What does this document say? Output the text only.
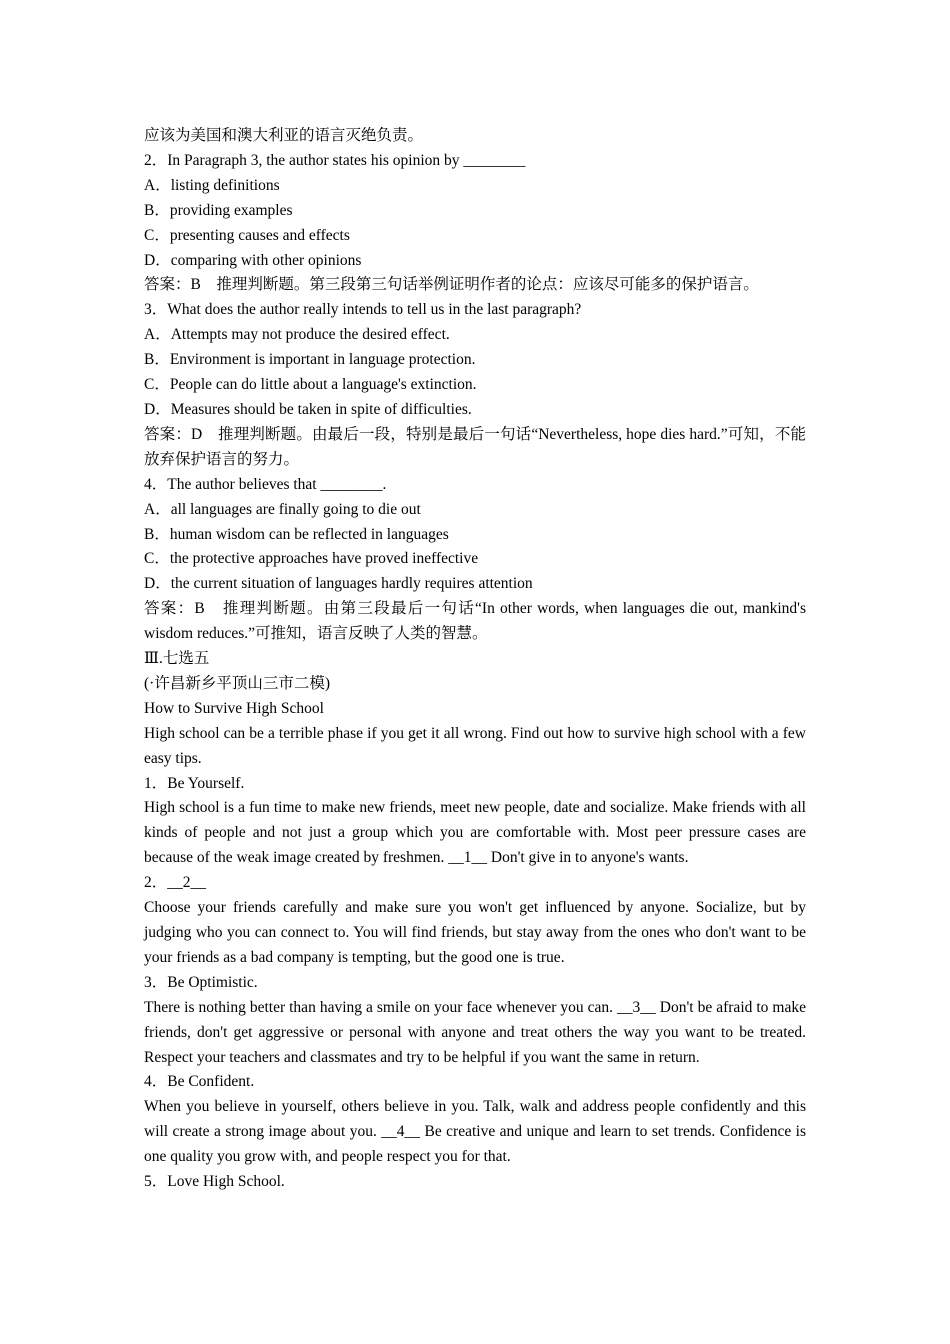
应该为美国和澳大利亚的语言灭绝负责。
2．In Paragraph 3, the author states his opinion by ________
A．listing definitions
B．providing examples
C．presenting causes and effects
D．comparing with other opinions
答案：B　推理判断题。第三段第三句话举例证明作者的论点：应该尽可能多的保护语言。
3．What does the author really intends to tell us in the last paragraph?
A．Attempts may not produce the desired effect.
B．Environment is important in language protection.
C．People can do little about a language's extinction.
D．Measures should be taken in spite of difficulties.
答案：D　推理判断题。由最后一段，特别是最后一句话“Nevertheless, hope dies hard.”可知，不能放弃保护语言的努力。
4．The author believes that ________.
A．all languages are finally going to die out
B．human wisdom can be reflected in languages
C．the protective approaches have proved ineffective
D．the current situation of languages hardly requires attention
答案：B　推理判断题。由第三段最后一句话“In other words, when languages die out, mankind's wisdom reduces.”可推知，语言反映了人类的智慧。
Ⅲ.七选五
(·许昌新乡平顶山三市二模)
How to Survive High School
High school can be a terrible phase if you get it all wrong. Find out how to survive high school with a few easy tips.
1．Be Yourself.
High school is a fun time to make new friends, meet new people, date and socialize. Make friends with all kinds of people and not just a group which you are comfortable with. Most peer pressure cases are because of the weak image created by freshmen. __1__ Don't give in to anyone's wants.
2．__2__
Choose your friends carefully and make sure you won't get influenced by anyone. Socialize, but by judging who you can connect to. You will find friends, but stay away from the ones who don't want to be your friends as a bad company is tempting, but the good one is true.
3．Be Optimistic.
There is nothing better than having a smile on your face whenever you can. __3__ Don't be afraid to make friends, don't get aggressive or personal with anyone and treat others the way you want to be treated. Respect your teachers and classmates and try to be helpful if you want the same in return.
4．Be Confident.
When you believe in yourself, others believe in you. Talk, walk and address people confidently and this will create a strong image about you. __4__ Be creative and unique and learn to set trends. Confidence is one quality you grow with, and people respect you for that.
5．Love High School.
